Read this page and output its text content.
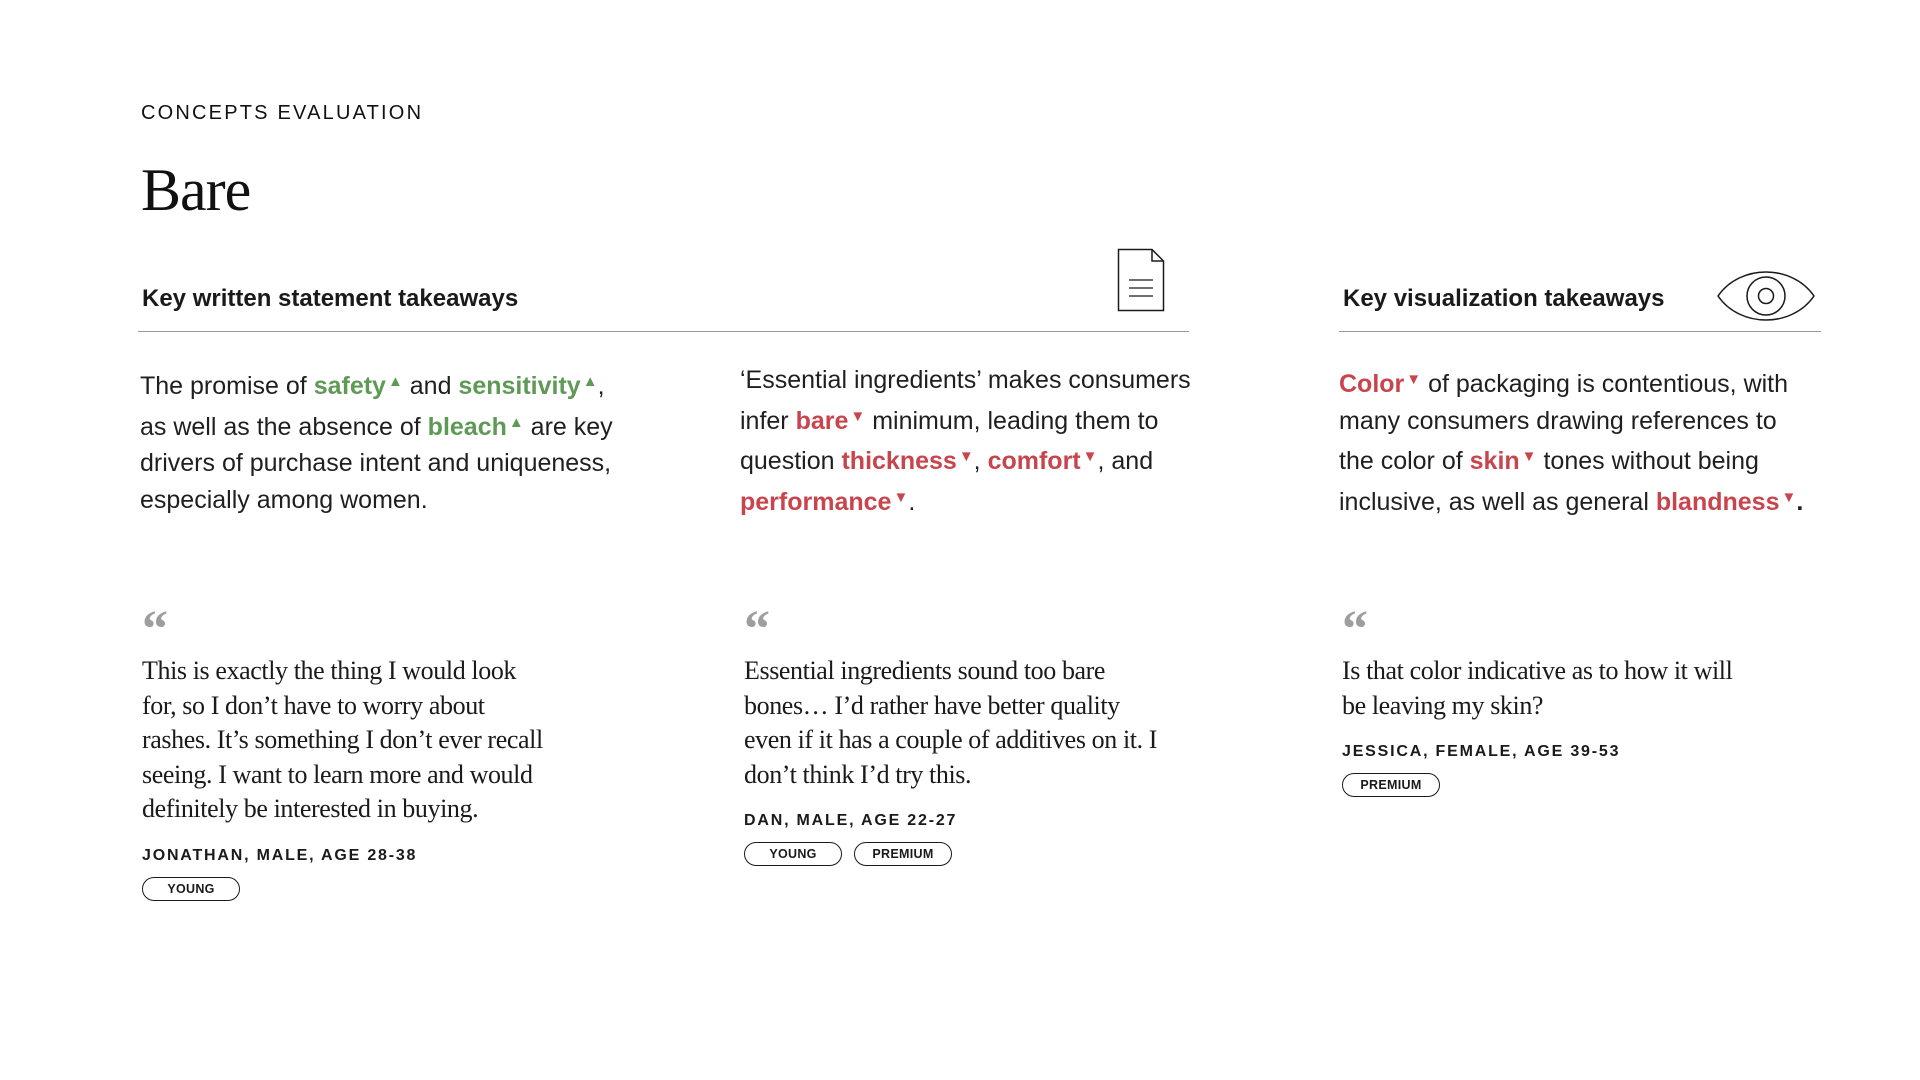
CONCEPTS EVALUATION
Bare
Key written statement takeaways	Key visualization takeaways
The promise of safety ▲ and sensitivity ▲,
as well as the absence of bleach ▲ are key
drivers of purchase intent and uniqueness,
especially among women.
‘Essential ingredients’ makes consumers
infer bare ▼ minimum, leading them to
question thickness ▼, comfort ▼, and
performance ▼.
Color ▼ of packaging is contentious, with
many consumers drawing references to
the color of skin ▼ tones without being
inclusive, as well as general blandness ▼.
“
This is exactly the thing I would look
for, so I don’t have to worry about
rashes. It’s something I don’t ever recall
seeing. I want to learn more and would
definitely be interested in buying.
JONATHAN, MALE, AGE 28-38
YOUNG
“
Essential ingredients sound too bare
bones… I’d rather have better quality
even if it has a couple of additives on it. I
don’t think I’d try this.
DAN, MALE, AGE 22-27
YOUNG	PREMIUM
“
Is that color indicative as to how it will
be leaving my skin?
JESSICA, FEMALE, AGE 39-53
PREMIUM
